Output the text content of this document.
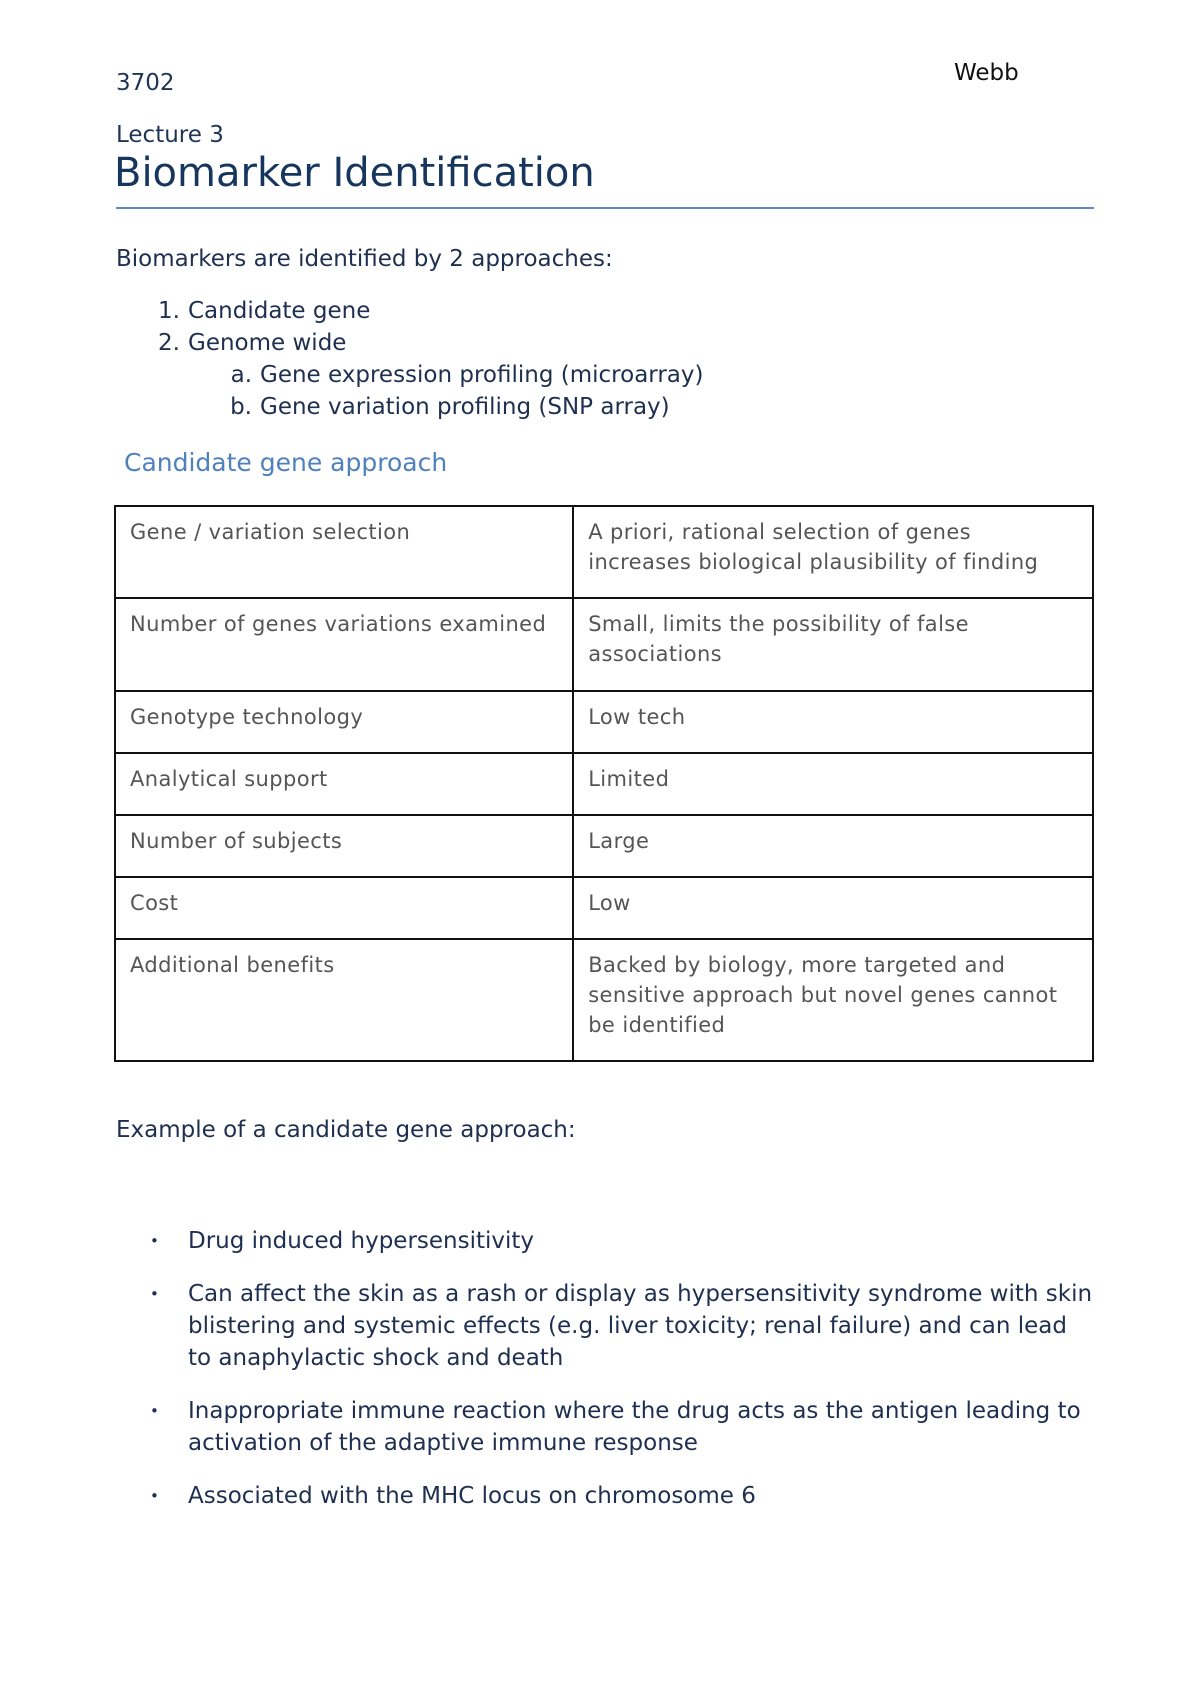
3702	Webb
Lecture 3
Biomarker Identification
Biomarkers are identified by 2 approaches:
1. Candidate gene
2. Genome wide
a. Gene expression profiling (microarray)
b. Gene variation profiling (SNP array)
Candidate gene approach
Gene / variation selection	A priori, rational selection of genes increases biological plausibility of finding
Number of genes variations examined	Small, limits the possibility of false associations
Genotype technology	Low tech
Analytical support	Limited
Number of subjects	Large
Cost	Low
Additional benefits	Backed by biology, more targeted and sensitive approach but novel genes cannot be identified
Example of a candidate gene approach:
• Drug induced hypersensitivity
• Can affect the skin as a rash or display as hypersensitivity syndrome with skin blistering and systemic effects (e.g. liver toxicity; renal failure) and can lead to anaphylactic shock and death
• Inappropriate immune reaction where the drug acts as the antigen leading to activation of the adaptive immune response
• Associated with the MHC locus on chromosome 6
